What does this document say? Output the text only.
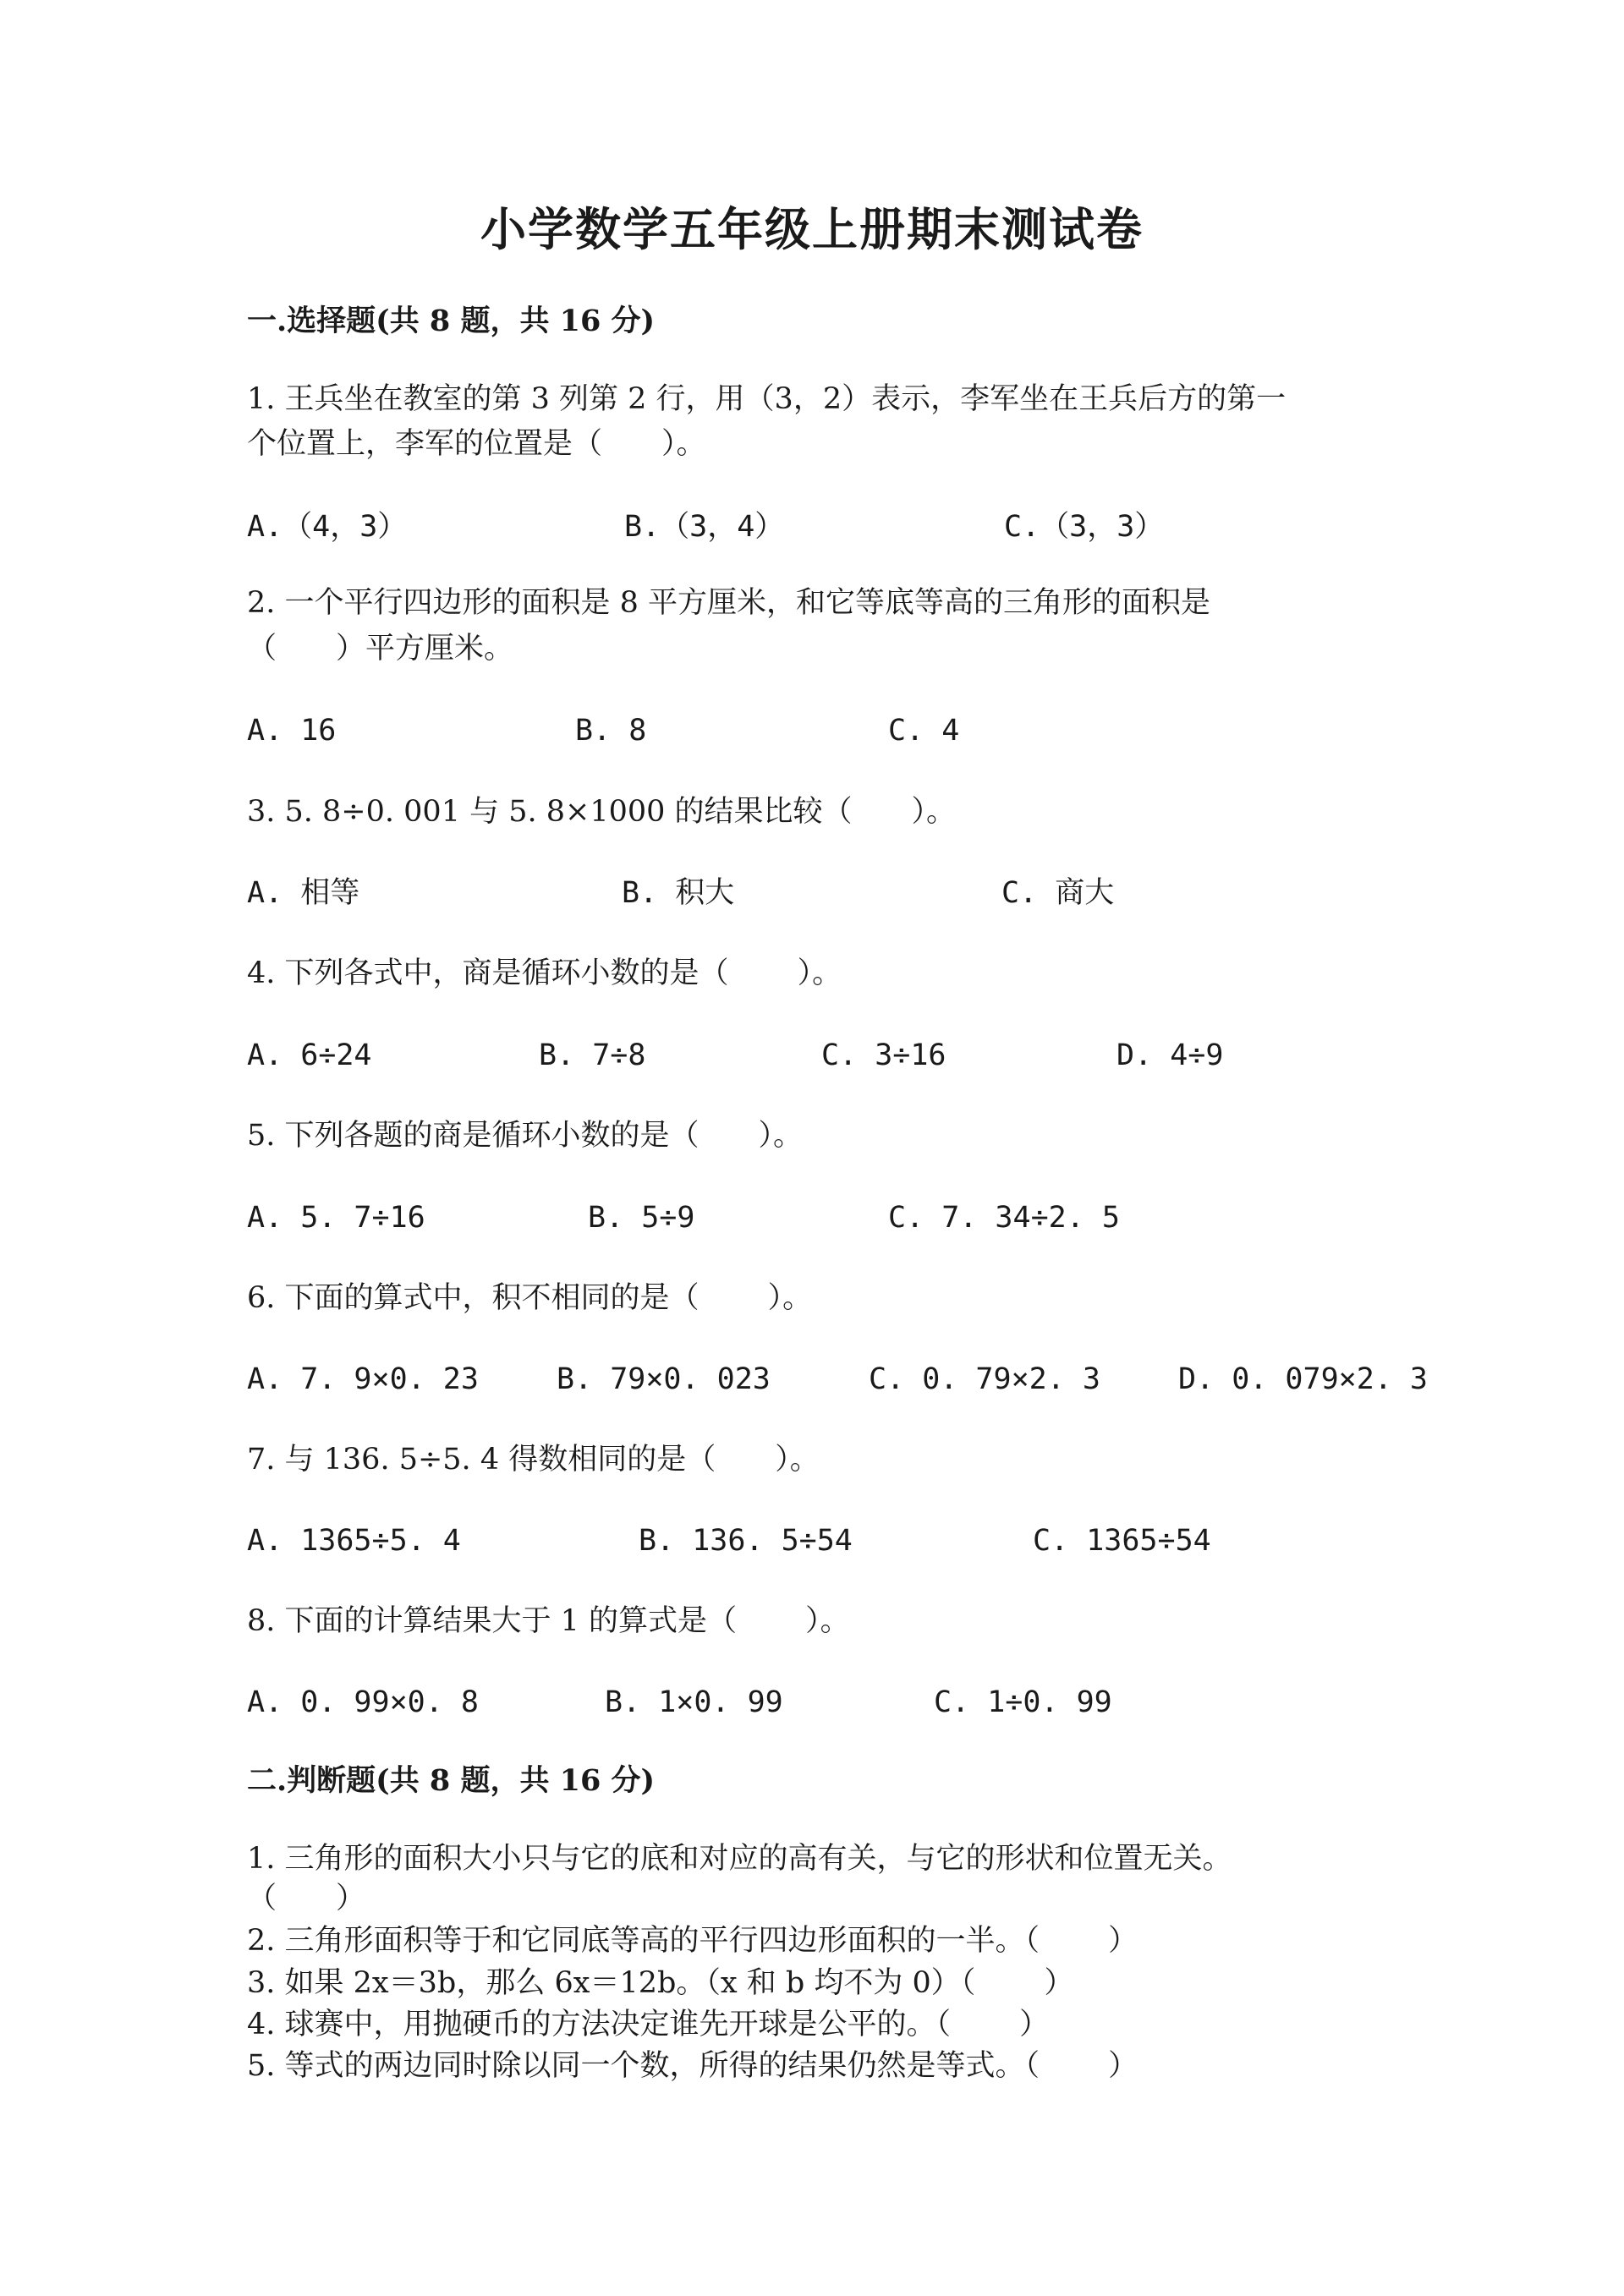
小学数学五年级上册期末测试卷
一.选择题(共 8 题，共 16 分)
1. 王兵坐在教室的第 3 列第 2 行，用（3，2）表示，李军坐在王兵后方的第一
个位置上，李军的位置是（　　）。
A.（4，3）	B.（3，4）	C.（3，3）
2. 一个平行四边形的面积是 8 平方厘米，和它等底等高的三角形的面积是
（　　）平方厘米。
A. 16	B. 8	C. 4
3. 5. 8÷0. 001 与 5. 8×1000 的结果比较（　　）。
A. 相等	B. 积大	C. 商大
4. 下列各式中，商是循环小数的是（　　 ）。
A. 6÷24	B. 7÷8	C. 3÷16	D. 4÷9
5. 下列各题的商是循环小数的是（　　）。
A. 5. 7÷16	B. 5÷9	C. 7. 34÷2. 5
6. 下面的算式中，积不相同的是（　　 ）。
A. 7. 9×0. 23	B. 79×0. 023	C. 0. 79×2. 3	D. 0. 079×2. 3
7. 与 136. 5÷5. 4 得数相同的是（　　）。
A. 1365÷5. 4	B. 136. 5÷54	C. 1365÷54
8. 下面的计算结果大于 1 的算式是（　　 ）。
A. 0. 99×0. 8	B. 1×0. 99	C. 1÷0. 99
二.判断题(共 8 题，共 16 分)
1. 三角形的面积大小只与它的底和对应的高有关，与它的形状和位置无关。
（　　）
2. 三角形面积等于和它同底等高的平行四边形面积的一半。（　　 ）
3. 如果 2x＝3b，那么 6x＝12b。（x 和 b 均不为 0）（　　 ）
4. 球赛中，用抛硬币的方法决定谁先开球是公平的。（　　 ）
5. 等式的两边同时除以同一个数，所得的结果仍然是等式。（　　 ）
